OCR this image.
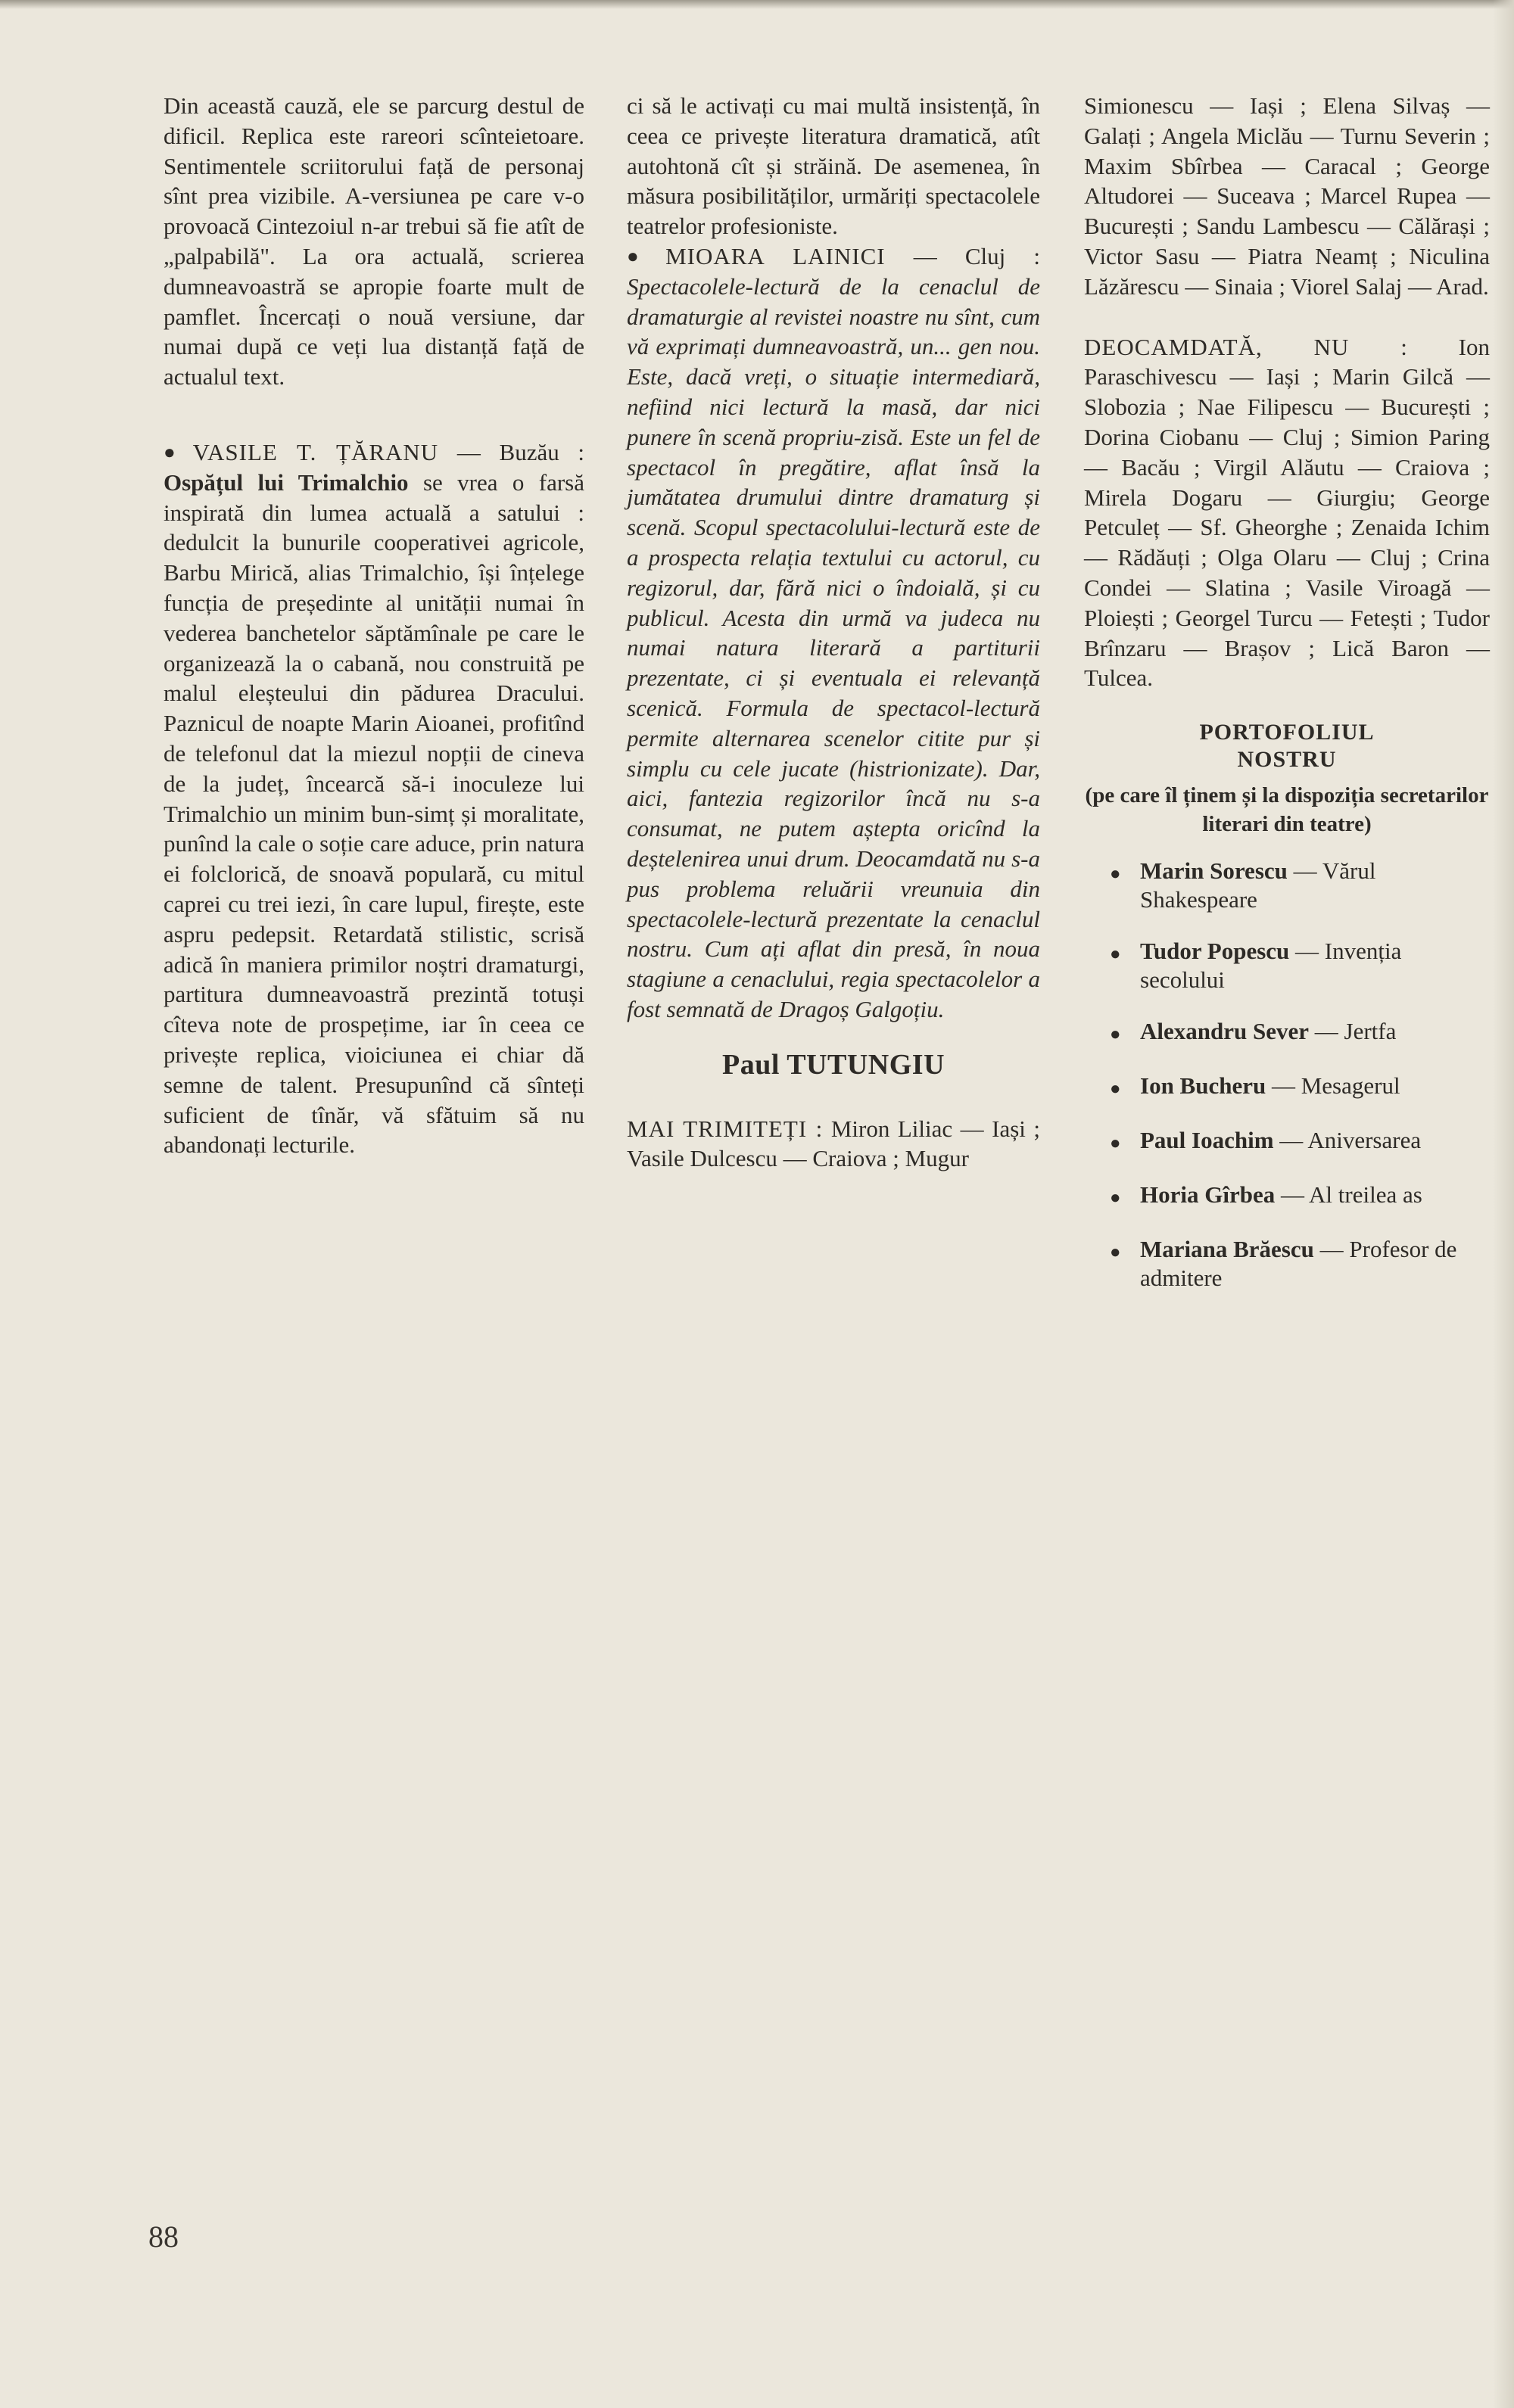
Din această cauză, ele se parcurg destul de dificil. Replica este rareori scînteietoare. Sentimentele scriitorului față de personaj sînt prea vizibile. A-versiunea pe care v-o provoacă Cintezoiul n-ar trebui să fie atît de „palpabilă". La ora actuală, scrierea dumneavoastră se apropie foarte mult de pamflet. Încercați o nouă versiune, dar numai după ce veți lua distanță față de actualul text.

● VASILE T. ȚĂRANU — Buzău : Ospățul lui Trimalchio se vrea o farsă inspirată din lumea actuală a satului : dedulcit la bunurile cooperativei agricole, Barbu Mirică, alias Trimalchio, își înțelege funcția de președinte al unității numai în vederea banchetelor săptămînale pe care le organizează la o cabană, nou construită pe malul eleșteului din pădurea Dracului. Paznicul de noapte Marin Aioanei, profitînd de telefonul dat la miezul nopții de cineva de la județ, încearcă să-i inoculeze lui Trimalchio un minim bun-simț și moralitate, punînd la cale o soție care aduce, prin natura ei folclorică, de snoavă populară, cu mitul caprei cu trei iezi, în care lupul, firește, este aspru pedepsit. Retardată stilistic, scrisă adică în maniera primilor noștri dramaturgi, partitura dumneavoastră prezintă totuși cîteva note de prospețime, iar în ceea ce privește replica, vioiciunea ei chiar dă semne de talent. Presupunînd că sînteți suficient de tînăr, vă sfătuim să nu abandonați lecturile.

ci să le activați cu mai multă insistență, în ceea ce privește literatura dramatică, atît autohtonă cît și străină. De asemenea, în măsura posibilităților, urmăriți spectacolele teatrelor profesioniste.

● MIOARA LAINICI — Cluj : Spectacolele-lectură de la cenaclul de dramaturgie al revistei noastre nu sînt, cum vă exprimați dumneavoastră, un... gen nou. Este, dacă vreți, o situație intermediară, nefiind nici lectură la masă, dar nici punere în scenă propriu-zisă. Este un fel de spectacol în pregătire, aflat însă la jumătatea drumului dintre dramaturg și scenă. Scopul spectacolului-lectură este de a prospecta relația textului cu actorul, cu regizorul, dar, fără nici o îndoială, și cu publicul. Acesta din urmă va judeca nu numai natura literară a partiturii prezentate, ci și eventuala ei relevanță scenică. Formula de spectacol-lectură permite alternarea scenelor citite pur și simplu cu cele jucate (histrionizate). Dar, aici, fantezia regizorilor încă nu s-a consumat, ne putem aștepta oricînd la deștelenirea unui drum. Deocamdată nu s-a pus problema reluării vreunuia din spectacolele-lectură prezentate la cenaclul nostru. Cum ați aflat din presă, în noua stagiune a cenaclului, regia spectacolelor a fost semnată de Dragoș Galgoțiu.

Paul TUTUNGIU

MAI TRIMITEȚI : Miron Liliac — Iași ; Vasile Dulcescu — Craiova ; Mugur

Simionescu — Iași ; Elena Silvaș — Galați ; Angela Miclău — Turnu Severin ; Maxim Sbîrbea — Caracal ; George Altudorei — Suceava ; Marcel Rupea — București ; Sandu Lambescu — Călărași ; Victor Sasu — Piatra Neamț ; Niculina Lăzărescu — Sinaia ; Viorel Salaj — Arad.

DEOCAMDATĂ, NU : Ion Paraschivescu — Iași ; Marin Gilcă — Slobozia ; Nae Filipescu — București ; Dorina Ciobanu — Cluj ; Simion Paring — Bacău ; Virgil Alăutu — Craiova ; Mirela Dogaru — Giurgiu; George Petculeț — Sf. Gheorghe ; Zenaida Ichim — Rădăuți ; Olga Olaru — Cluj ; Crina Condei — Slatina ; Vasile Viroagă — Ploiești ; Georgel Turcu — Fetești ; Tudor Brînzaru — Brașov ; Lică Baron — Tulcea.

PORTOFOLIUL
NOSTRU
(pe care îl ținem și la dispoziția secretarilor literari din teatre)
● Marin Sorescu — Vărul Shakespeare
● Tudor Popescu — Invenția secolului
● Alexandru Sever — Jertfa
● Ion Bucheru — Mesagerul
● Paul Ioachim — Aniversarea
● Horia Gîrbea — Al treilea as
● Mariana Brăescu — Profesor de admitere
88
